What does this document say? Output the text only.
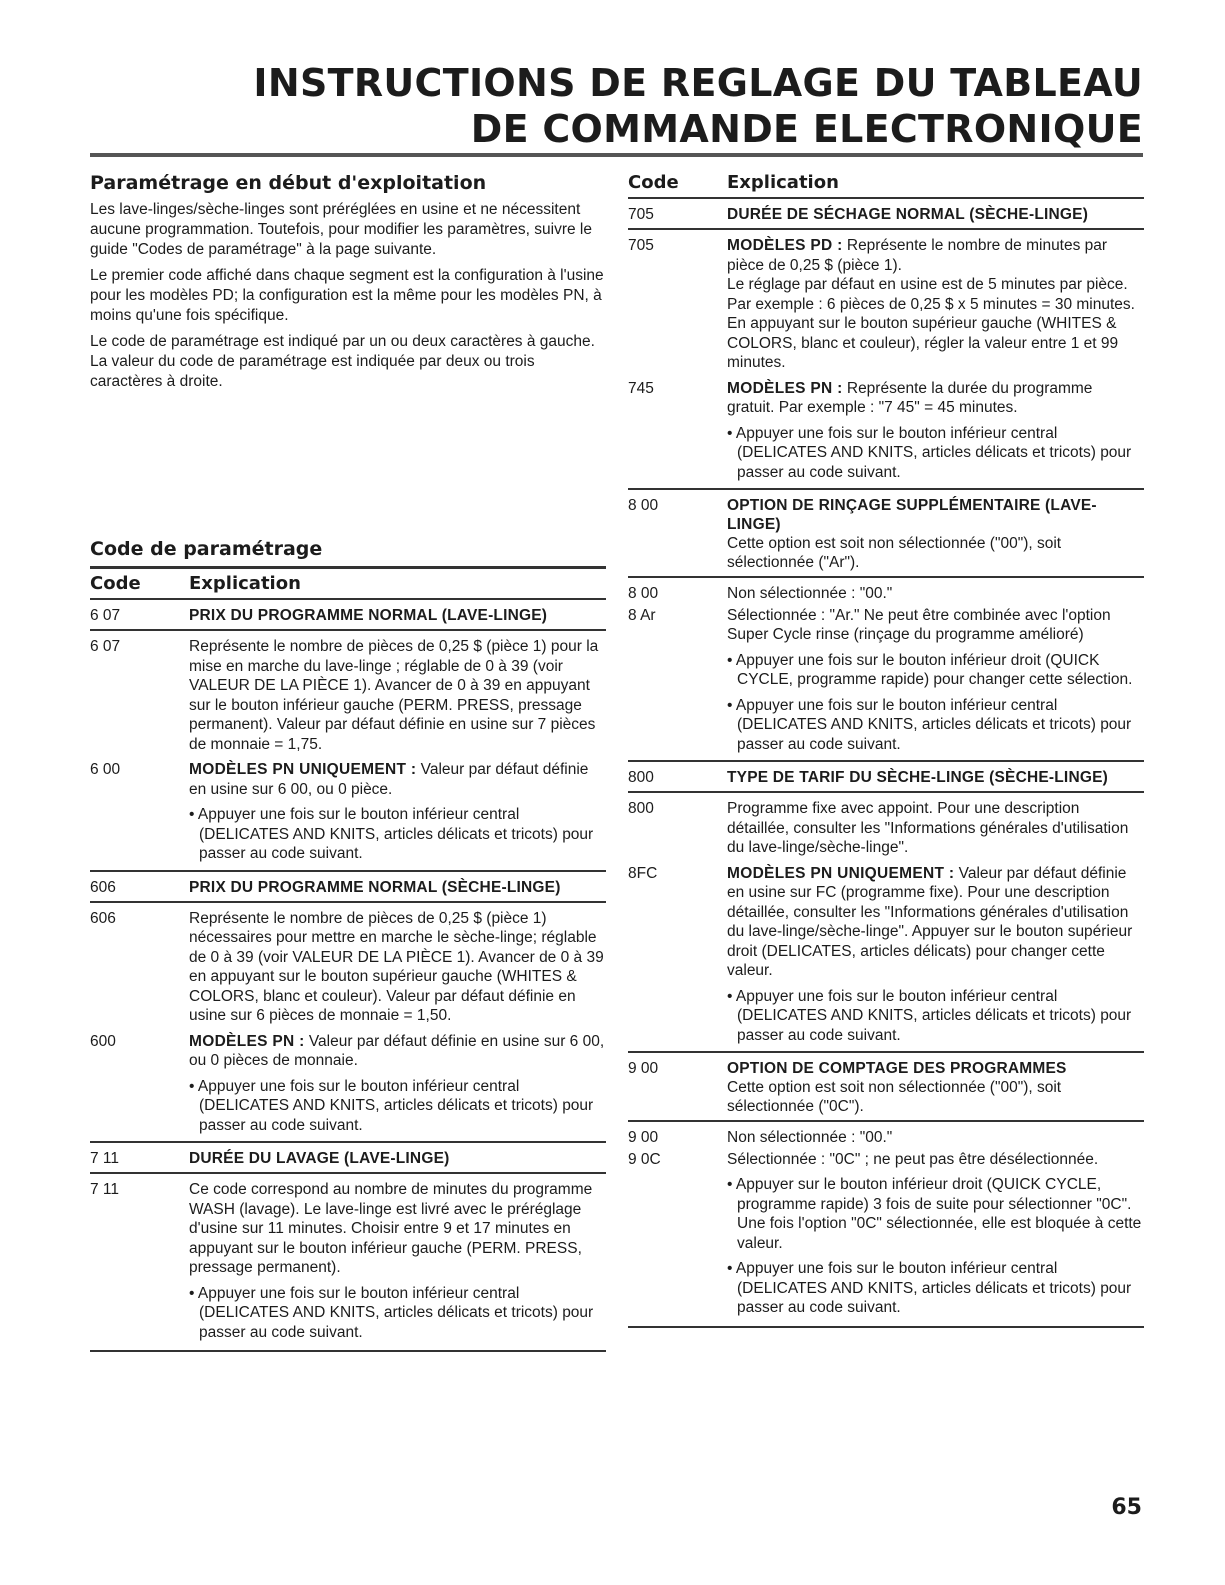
INSTRUCTIONS DE REGLAGE DU TABLEAU
DE COMMANDE ELECTRONIQUE
Paramétrage en début d'exploitation

Les lave-linges/sèche-linges sont préréglées en usine et ne nécessitent aucune programmation. Toutefois, pour modifier les paramètres, suivre le guide "Codes de paramétrage" à la page suivante.

Le premier code affiché dans chaque segment est la configuration à l'usine pour les modèles PD; la configuration est la même pour les modèles PN, à moins qu'une fois spécifique.

Le code de paramétrage est indiqué par un ou deux caractères à gauche. La valeur du code de paramétrage est indiquée par deux ou trois caractères à droite.

Code de paramétrage
Code	Explication
6 07	PRIX DU PROGRAMME NORMAL (LAVE-LINGE)
6 07	Représente le nombre de pièces de 0,25 $ (pièce 1) pour la mise en marche du lave-linge ; réglable de 0 à 39 (voir VALEUR DE LA PIÈCE 1). Avancer de 0 à 39 en appuyant sur le bouton inférieur gauche (PERM. PRESS, pressage permanent). Valeur par défaut définie en usine sur 7 pièces de monnaie = 1,75.
6 00	MODÈLES PN UNIQUEMENT : Valeur par défaut définie en usine sur 6 00, ou 0 pièce.
• Appuyer une fois sur le bouton inférieur central (DELICATES AND KNITS, articles délicats et tricots) pour passer au code suivant.
606	PRIX DU PROGRAMME NORMAL (SÈCHE-LINGE)
606	Représente le nombre de pièces de 0,25 $ (pièce 1) nécessaires pour mettre en marche le sèche-linge; réglable de 0 à 39 (voir VALEUR DE LA PIÈCE 1). Avancer de 0 à 39 en appuyant sur le bouton supérieur gauche (WHITES & COLORS, blanc et couleur). Valeur par défaut définie en usine sur 6 pièces de monnaie = 1,50.
600	MODÈLES PN : Valeur par défaut définie en usine sur 6 00, ou 0 pièces de monnaie.
• Appuyer une fois sur le bouton inférieur central (DELICATES AND KNITS, articles délicats et tricots) pour passer au code suivant.
7 11	DURÉE DU LAVAGE (LAVE-LINGE)
7 11	Ce code correspond au nombre de minutes du programme WASH (lavage). Le lave-linge est livré avec le préréglage d'usine sur 11 minutes. Choisir entre 9 et 17 minutes en appuyant sur le bouton inférieur gauche (PERM. PRESS, pressage permanent).
• Appuyer une fois sur le bouton inférieur central (DELICATES AND KNITS, articles délicats et tricots) pour passer au code suivant.
Code	Explication
705	DURÉE DE SÉCHAGE NORMAL (SÈCHE-LINGE)
705	MODÈLES PD : Représente le nombre de minutes par pièce de 0,25 $ (pièce 1).
Le réglage par défaut en usine est de 5 minutes par pièce.
Par exemple : 6 pièces de 0,25 $ x 5 minutes = 30 minutes.
En appuyant sur le bouton supérieur gauche (WHITES & COLORS, blanc et couleur), régler la valeur entre 1 et 99 minutes.
745	MODÈLES PN : Représente la durée du programme gratuit. Par exemple : "7 45" = 45 minutes.
• Appuyer une fois sur le bouton inférieur central (DELICATES AND KNITS, articles délicats et tricots) pour passer au code suivant.
8 00	OPTION DE RINÇAGE SUPPLÉMENTAIRE (LAVE-LINGE)
Cette option est soit non sélectionnée ("00"), soit sélectionnée ("Ar").
8 00	Non sélectionnée : "00."
8 Ar	Sélectionnée : "Ar." Ne peut être combinée avec l'option Super Cycle rinse (rinçage du programme amélioré)
• Appuyer une fois sur le bouton inférieur droit (QUICK CYCLE, programme rapide) pour changer cette sélection.
• Appuyer une fois sur le bouton inférieur central (DELICATES AND KNITS, articles délicats et tricots) pour passer au code suivant.
800	TYPE DE TARIF DU SÈCHE-LINGE (SÈCHE-LINGE)
800	Programme fixe avec appoint. Pour une description détaillée, consulter les "Informations générales d'utilisation du lave-linge/sèche-linge".
8FC	MODÈLES PN UNIQUEMENT : Valeur par défaut définie en usine sur FC (programme fixe). Pour une description détaillée, consulter les "Informations générales d'utilisation du lave-linge/sèche-linge". Appuyer sur le bouton supérieur droit (DELICATES, articles délicats) pour changer cette valeur.
• Appuyer une fois sur le bouton inférieur central (DELICATES AND KNITS, articles délicats et tricots) pour passer au code suivant.
9 00	OPTION DE COMPTAGE DES PROGRAMMES
Cette option est soit non sélectionnée ("00"), soit sélectionnée ("0C").
9 00	Non sélectionnée : "00."
9 0C	Sélectionnée : "0C" ; ne peut pas être désélectionnée.
• Appuyer sur le bouton inférieur droit (QUICK CYCLE, programme rapide) 3 fois de suite pour sélectionner "0C". Une fois l'option "0C" sélectionnée, elle est bloquée à cette valeur.
• Appuyer une fois sur le bouton inférieur central (DELICATES AND KNITS, articles délicats et tricots) pour passer au code suivant.
65
